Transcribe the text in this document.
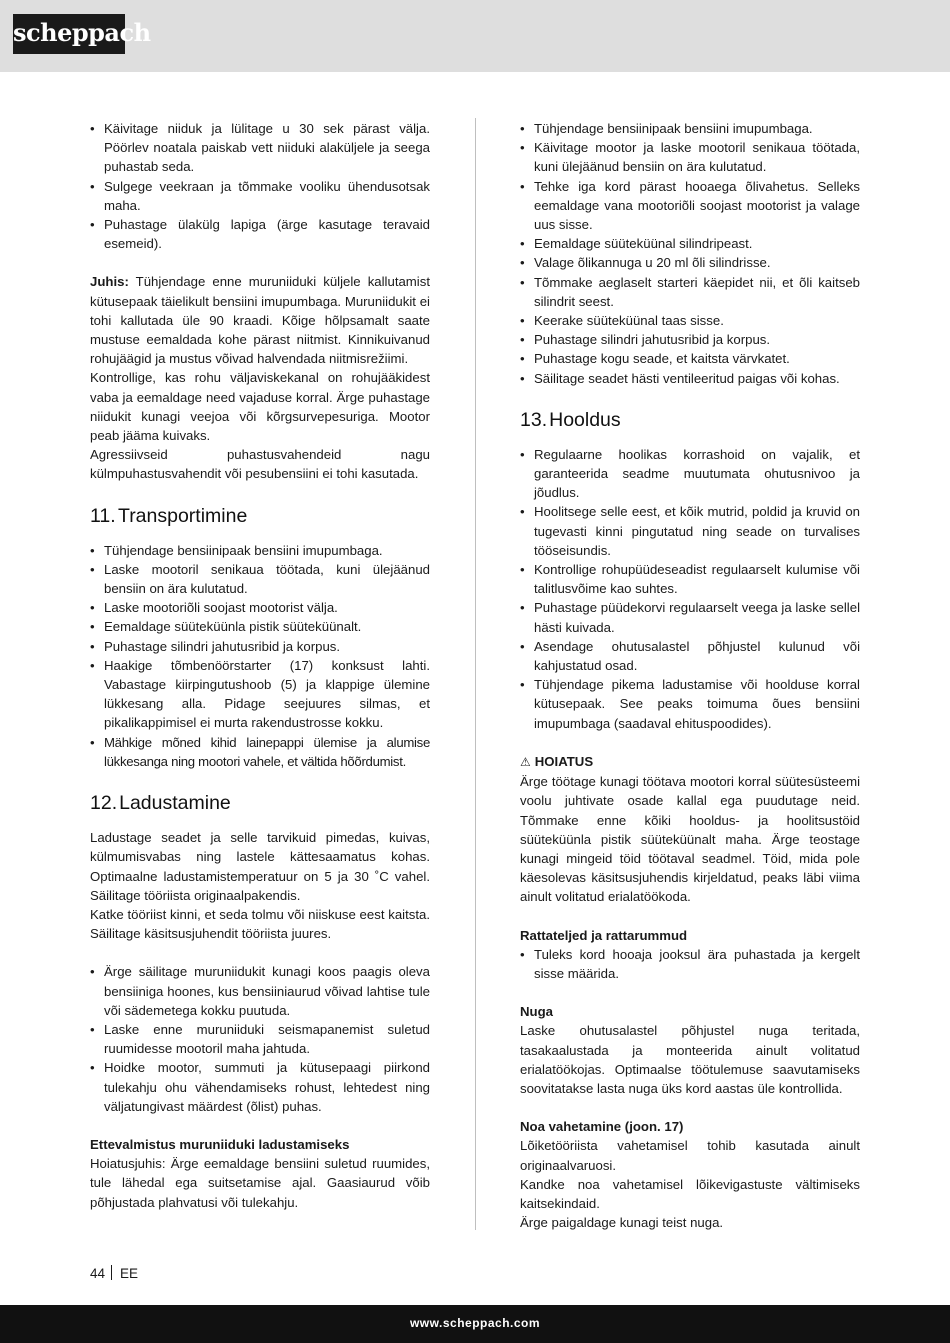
scheppach
• Käivitage niiduk ja lülitage u 30 sek pärast välja. Pöörlev noatala paiskab vett niiduki alaküljele ja seega puhastab seda.
• Sulgege veekraan ja tõmmake vooliku ühendusotsak maha.
• Puhastage ülakülg lapiga (ärge kasutage teravaid esemeid).

Juhis: Tühjendage enne muruniiduki küljele kallutamist kütusepaak täielikult bensiini imupumbaga. Muruniidukit ei tohi kallutada üle 90 kraadi. Kõige hõlpsamalt saate mustuse eemaldada kohe pärast niitmist. Kinnikuivanud rohujäägid ja mustus võivad halvendada niitmisrežiimi.

Kontrollige, kas rohu väljaviskekanal on rohujääkidest vaba ja eemaldage need vajaduse korral. Ärge puhastage niidukit kunagi veejoa või kõrgsurvepesuriga. Mootor peab jääma kuivaks.

Agressiivseid puhastusvahendeid nagu külmpuhastusvahendit või pesubensiini ei tohi kasutada.

11. Transportimine
• Tühjendage bensiinipaak bensiini imupumbaga.
• Laske mootoril senikaua töötada, kuni ülejäänud bensiin on ära kulutatud.
• Laske mootoriõli soojast mootorist välja.
• Eemaldage süüteküünla pistik süüteküünalt.
• Puhastage silindri jahutusribid ja korpus.
• Haakige tõmbenöörstarter (17) konksust lahti. Vabastage kiirpingutushoob (5) ja klappige ülemine lükkesang alla. Pidage seejuures silmas, et pikalikappimisel ei murta rakendustrosse kokku.
• Mähkige mõned kihid lainepappi ülemise ja alumise lükkesanga ning mootori vahele, et vältida hõõrdumist.
12. Ladustamine

Ladustage seadet ja selle tarvikuid pimedas, kuivas, külmumisvabas ning lastele kättesaamatus kohas. Optimaalne ladustamistemperatuur on 5 ja 30 ˚C vahel. Säilitage tööriista originaalpakendis.

Katke tööriist kinni, et seda tolmu või niiskuse eest kaitsta. Säilitage käsitsusjuhendit tööriista juures.

• Ärge säilitage muruniidukit kunagi koos paagis oleva bensiiniga hoones, kus bensiiniaurud võivad lahtise tule või sädemetega kokku puutuda.
• Laske enne muruniiduki seismapanemist suletud ruumidesse mootoril maha jahtuda.
• Hoidke mootor, summuti ja kütusepaagi piirkond tulekahju ohu vähendamiseks rohust, lehtedest ning väljatungivast määrdest (õlist) puhas.

Ettevalmistus muruniiduki ladustamiseks

Hoiatusjuhis: Ärge eemaldage bensiini suletud ruumides, tule lähedal ega suitsetamise ajal. Gaasiaurud võib põhjustada plahvatusi või tulekahju.

• Tühjendage bensiinipaak bensiini imupumbaga.
• Käivitage mootor ja laske mootoril senikaua töötada, kuni ülejäänud bensiin on ära kulutatud.
• Tehke iga kord pärast hooaega õlivahetus. Selleks eemaldage vana mootoriõli soojast mootorist ja valage uus sisse.
• Eemaldage süüteküünal silindripeast.
• Valage õlikannuga u 20 ml õli silindrisse.
• Tõmmake aeglaselt starteri käepidet nii, et õli kaitseb silindrit seest.
• Keerake süüteküünal taas sisse.
• Puhastage silindri jahutusribid ja korpus.
• Puhastage kogu seade, et kaitsta värvkatet.
• Säilitage seadet hästi ventileeritud paigas või kohas.
13. Hooldus
• Regulaarne hoolikas korrashoid on vajalik, et garanteerida seadme muutumata ohutusnivoo ja jõudlus.
• Hoolitsege selle eest, et kõik mutrid, poldid ja kruvid on tugevasti kinni pingutatud ning seade on turvalises tööseisundis.
• Kontrollige rohupüüdeseadist regulaarselt kulumise või talitlusvõime kao suhtes.
• Puhastage püüdekorvi regulaarselt veega ja laske sellel hästi kuivada.
• Asendage ohutusalastel põhjustel kulunud või kahjustatud osad.
• Tühjendage pikema ladustamise või hoolduse korral kütusepaak. See peaks toimuma õues bensiini imupumbaga (saadaval ehituspoodides).

⚠ HOIATUS

Ärge töötage kunagi töötava mootori korral süütesüsteemi voolu juhtivate osade kallal ega puudutage neid. Tõmmake enne kõiki hooldus- ja hoolitsustöid süüteküünla pistik süüteküünalt maha. Ärge teostage kunagi mingeid töid töötaval seadmel. Töid, mida pole käesolevas käsitsusjuhendis kirjeldatud, peaks läbi viima ainult volitatud erialatöökoda.

Rattateljed ja rattarummud

• Tuleks kord hooaja jooksul ära puhastada ja kergelt sisse määrida.

Nuga

Laske ohutusalastel põhjustel nuga teritada, tasakaalustada ja monteerida ainult volitatud erialatöökojas. Optimaalse töötulemuse saavutamiseks soovitatakse lasta nuga üks kord aastas üle kontrollida.

Noa vahetamine (joon. 17)

Lõiketööriista vahetamisel tohib kasutada ainult originaalvaruosi.

Kandke noa vahetamisel lõikevigastuste vältimiseks kaitsekindaid.

Ärge paigaldage kunagi teist nuga.

44 EE
www.scheppach.com
